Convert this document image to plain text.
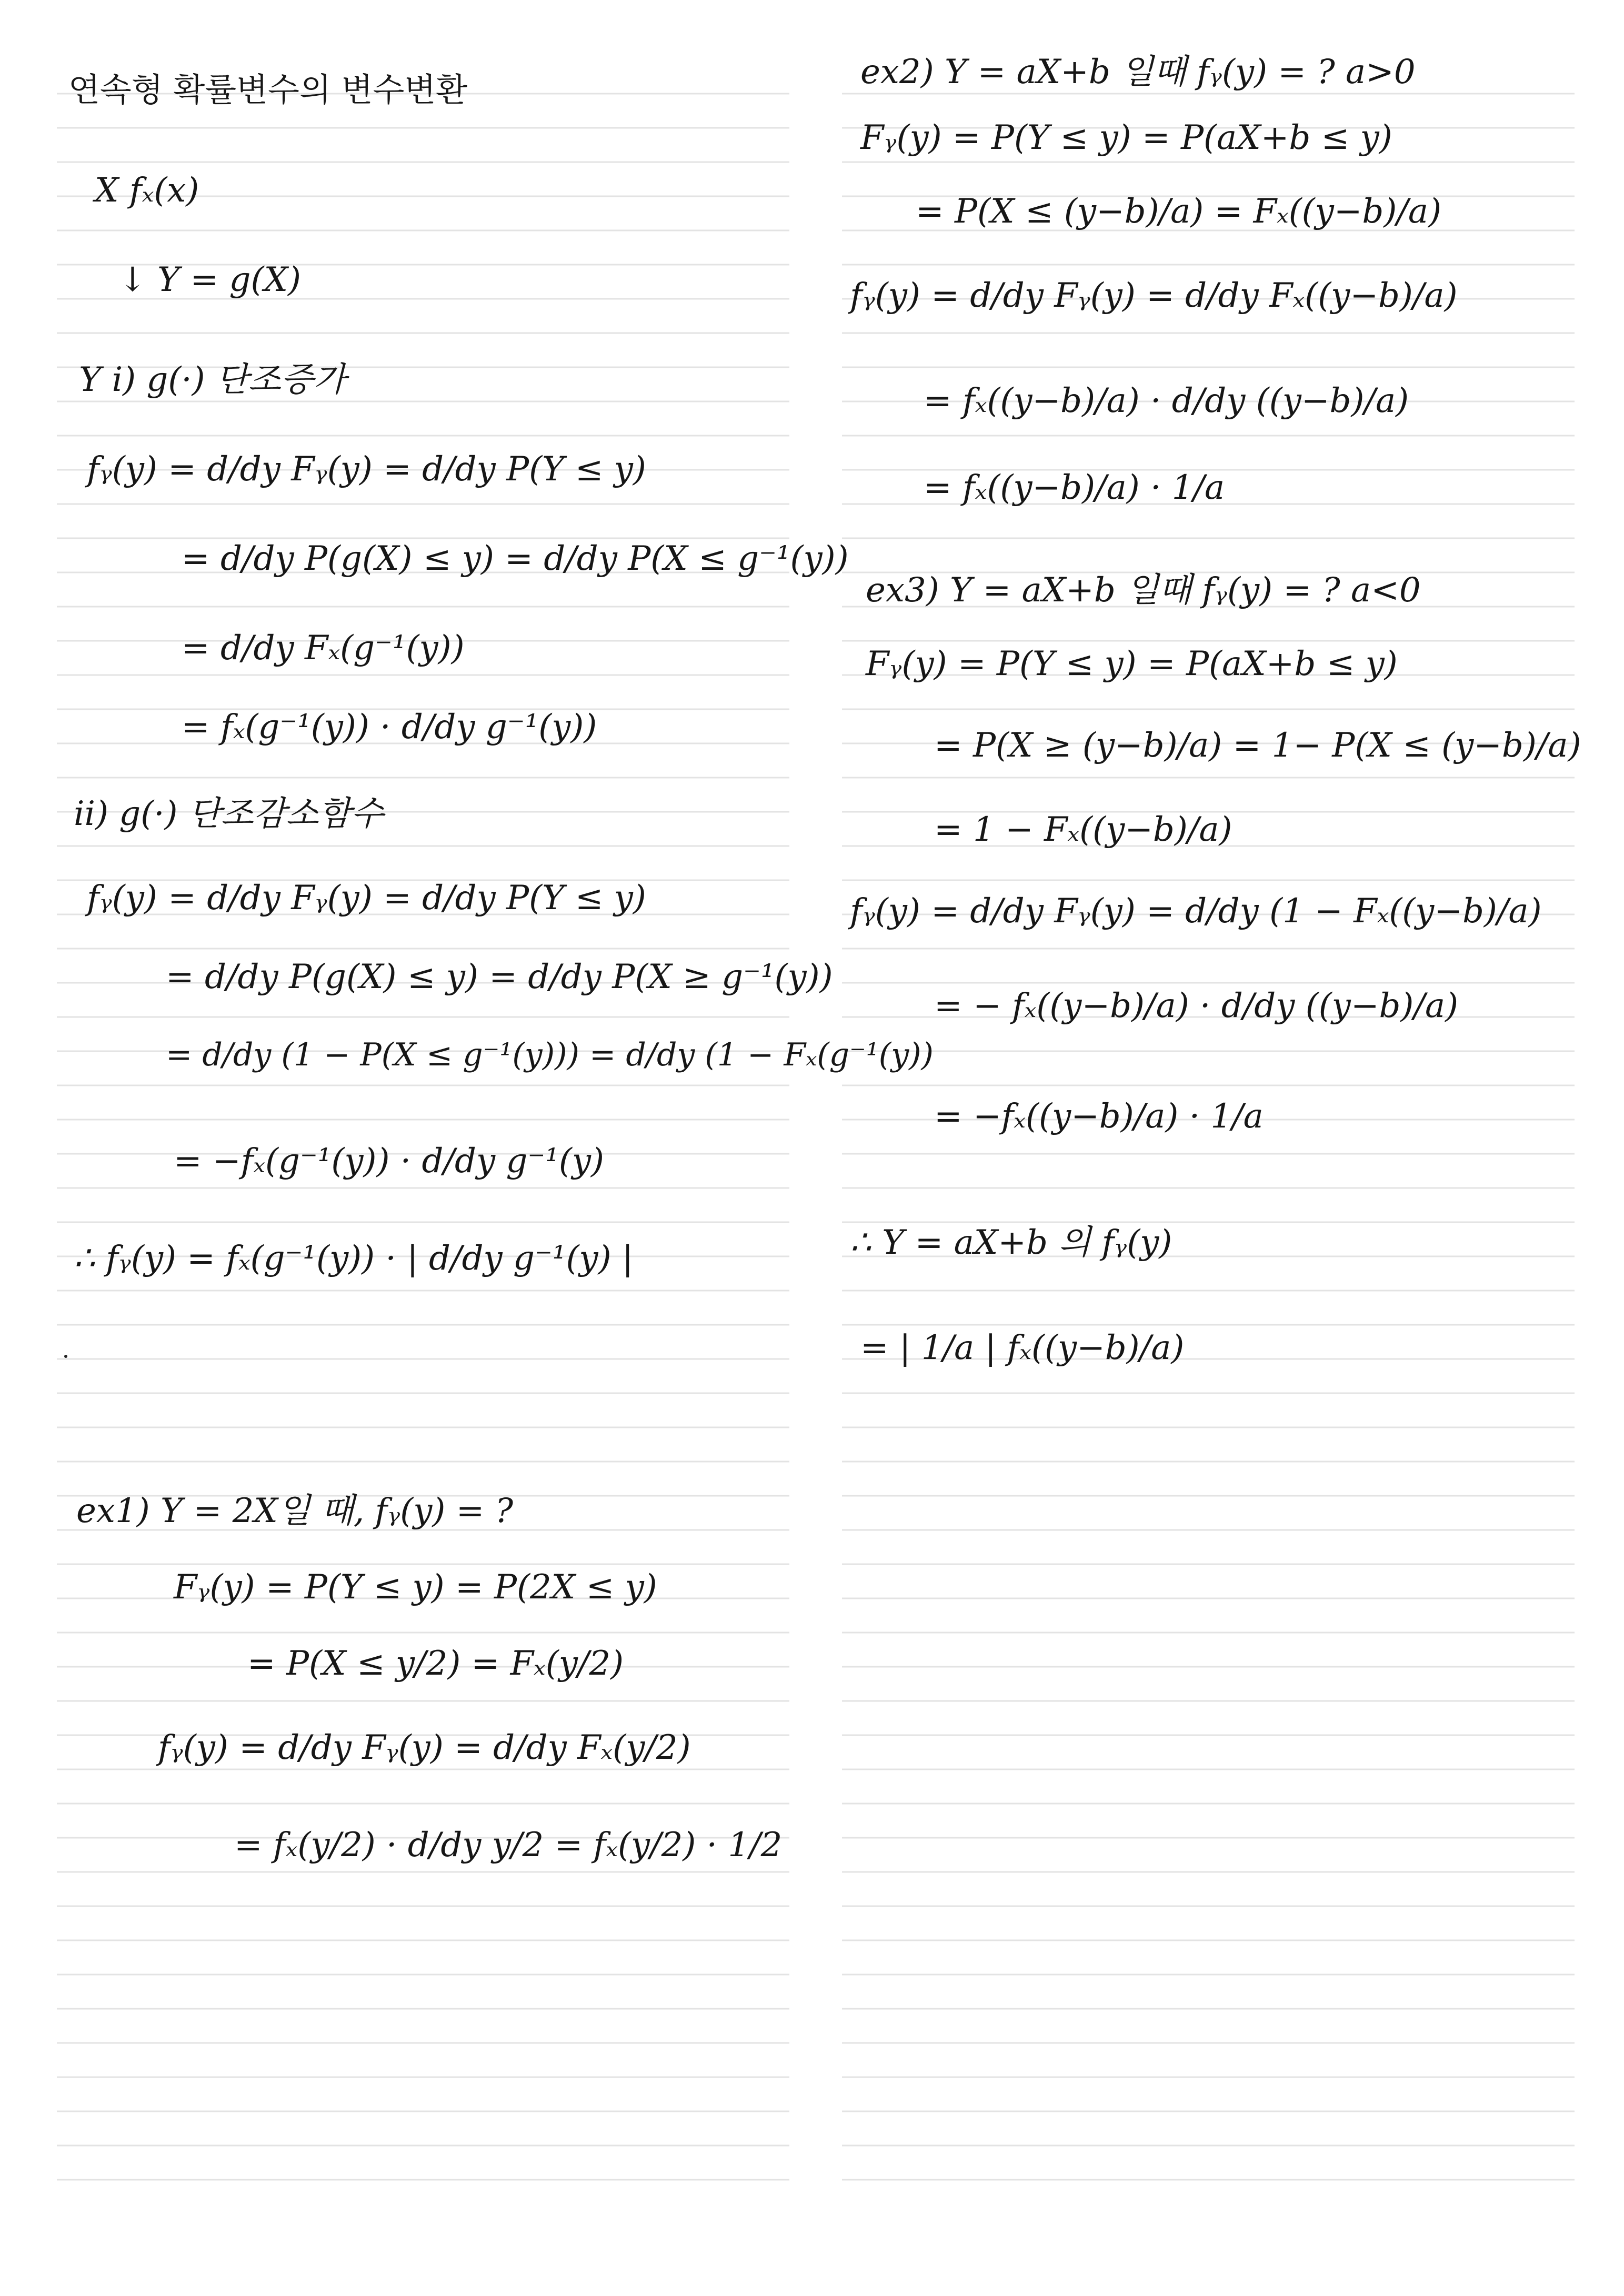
연속형 확률변수의 변수변환
X fₓ(x)
↓ Y = g(X)
Y i) g(·) 단조증가
fᵧ(y) = d/dy Fᵧ(y) = d/dy P(Y ≤ y)
= d/dy P(g(X) ≤ y) = d/dy P(X ≤ g⁻¹(y))
= d/dy Fₓ(g⁻¹(y))
= fₓ(g⁻¹(y)) · d/dy g⁻¹(y))
ii) g(·) 단조감소함수
fᵧ(y) = d/dy Fᵧ(y) = d/dy P(Y ≤ y)
= d/dy P(g(X) ≤ y) = d/dy P(X ≥ g⁻¹(y))
= d/dy (1 − P(X ≤ g⁻¹(y))) = d/dy (1 − Fₓ(g⁻¹(y))
= −fₓ(g⁻¹(y)) · d/dy g⁻¹(y)
∴ fᵧ(y) = fₓ(g⁻¹(y)) · | d/dy g⁻¹(y) |
ex1) Y = 2X일 때, fᵧ(y) = ?
Fᵧ(y) = P(Y ≤ y) = P(2X ≤ y)
= P(X ≤ y/2) = Fₓ(y/2)
fᵧ(y) = d/dy Fᵧ(y) = d/dy Fₓ(y/2)
= fₓ(y/2) · d/dy y/2 = fₓ(y/2) · 1/2
ex2) Y = aX+b 일때 fᵧ(y) = ? a>0
Fᵧ(y) = P(Y ≤ y) = P(aX+b ≤ y)
= P(X ≤ (y−b)/a) = Fₓ((y−b)/a)
fᵧ(y) = d/dy Fᵧ(y) = d/dy Fₓ((y−b)/a)
= fₓ((y−b)/a) · d/dy ((y−b)/a)
= fₓ((y−b)/a) · 1/a
ex3) Y = aX+b 일때 fᵧ(y) = ? a<0
Fᵧ(y) = P(Y ≤ y) = P(aX+b ≤ y)
= P(X ≥ (y−b)/a) = 1− P(X ≤ (y−b)/a)
= 1 − Fₓ((y−b)/a)
fᵧ(y) = d/dy Fᵧ(y) = d/dy (1 − Fₓ((y−b)/a)
= − fₓ((y−b)/a) · d/dy ((y−b)/a)
= −fₓ((y−b)/a) · 1/a
∴ Y = aX+b 의 fᵧ(y)
= | 1/a | fₓ((y−b)/a)
